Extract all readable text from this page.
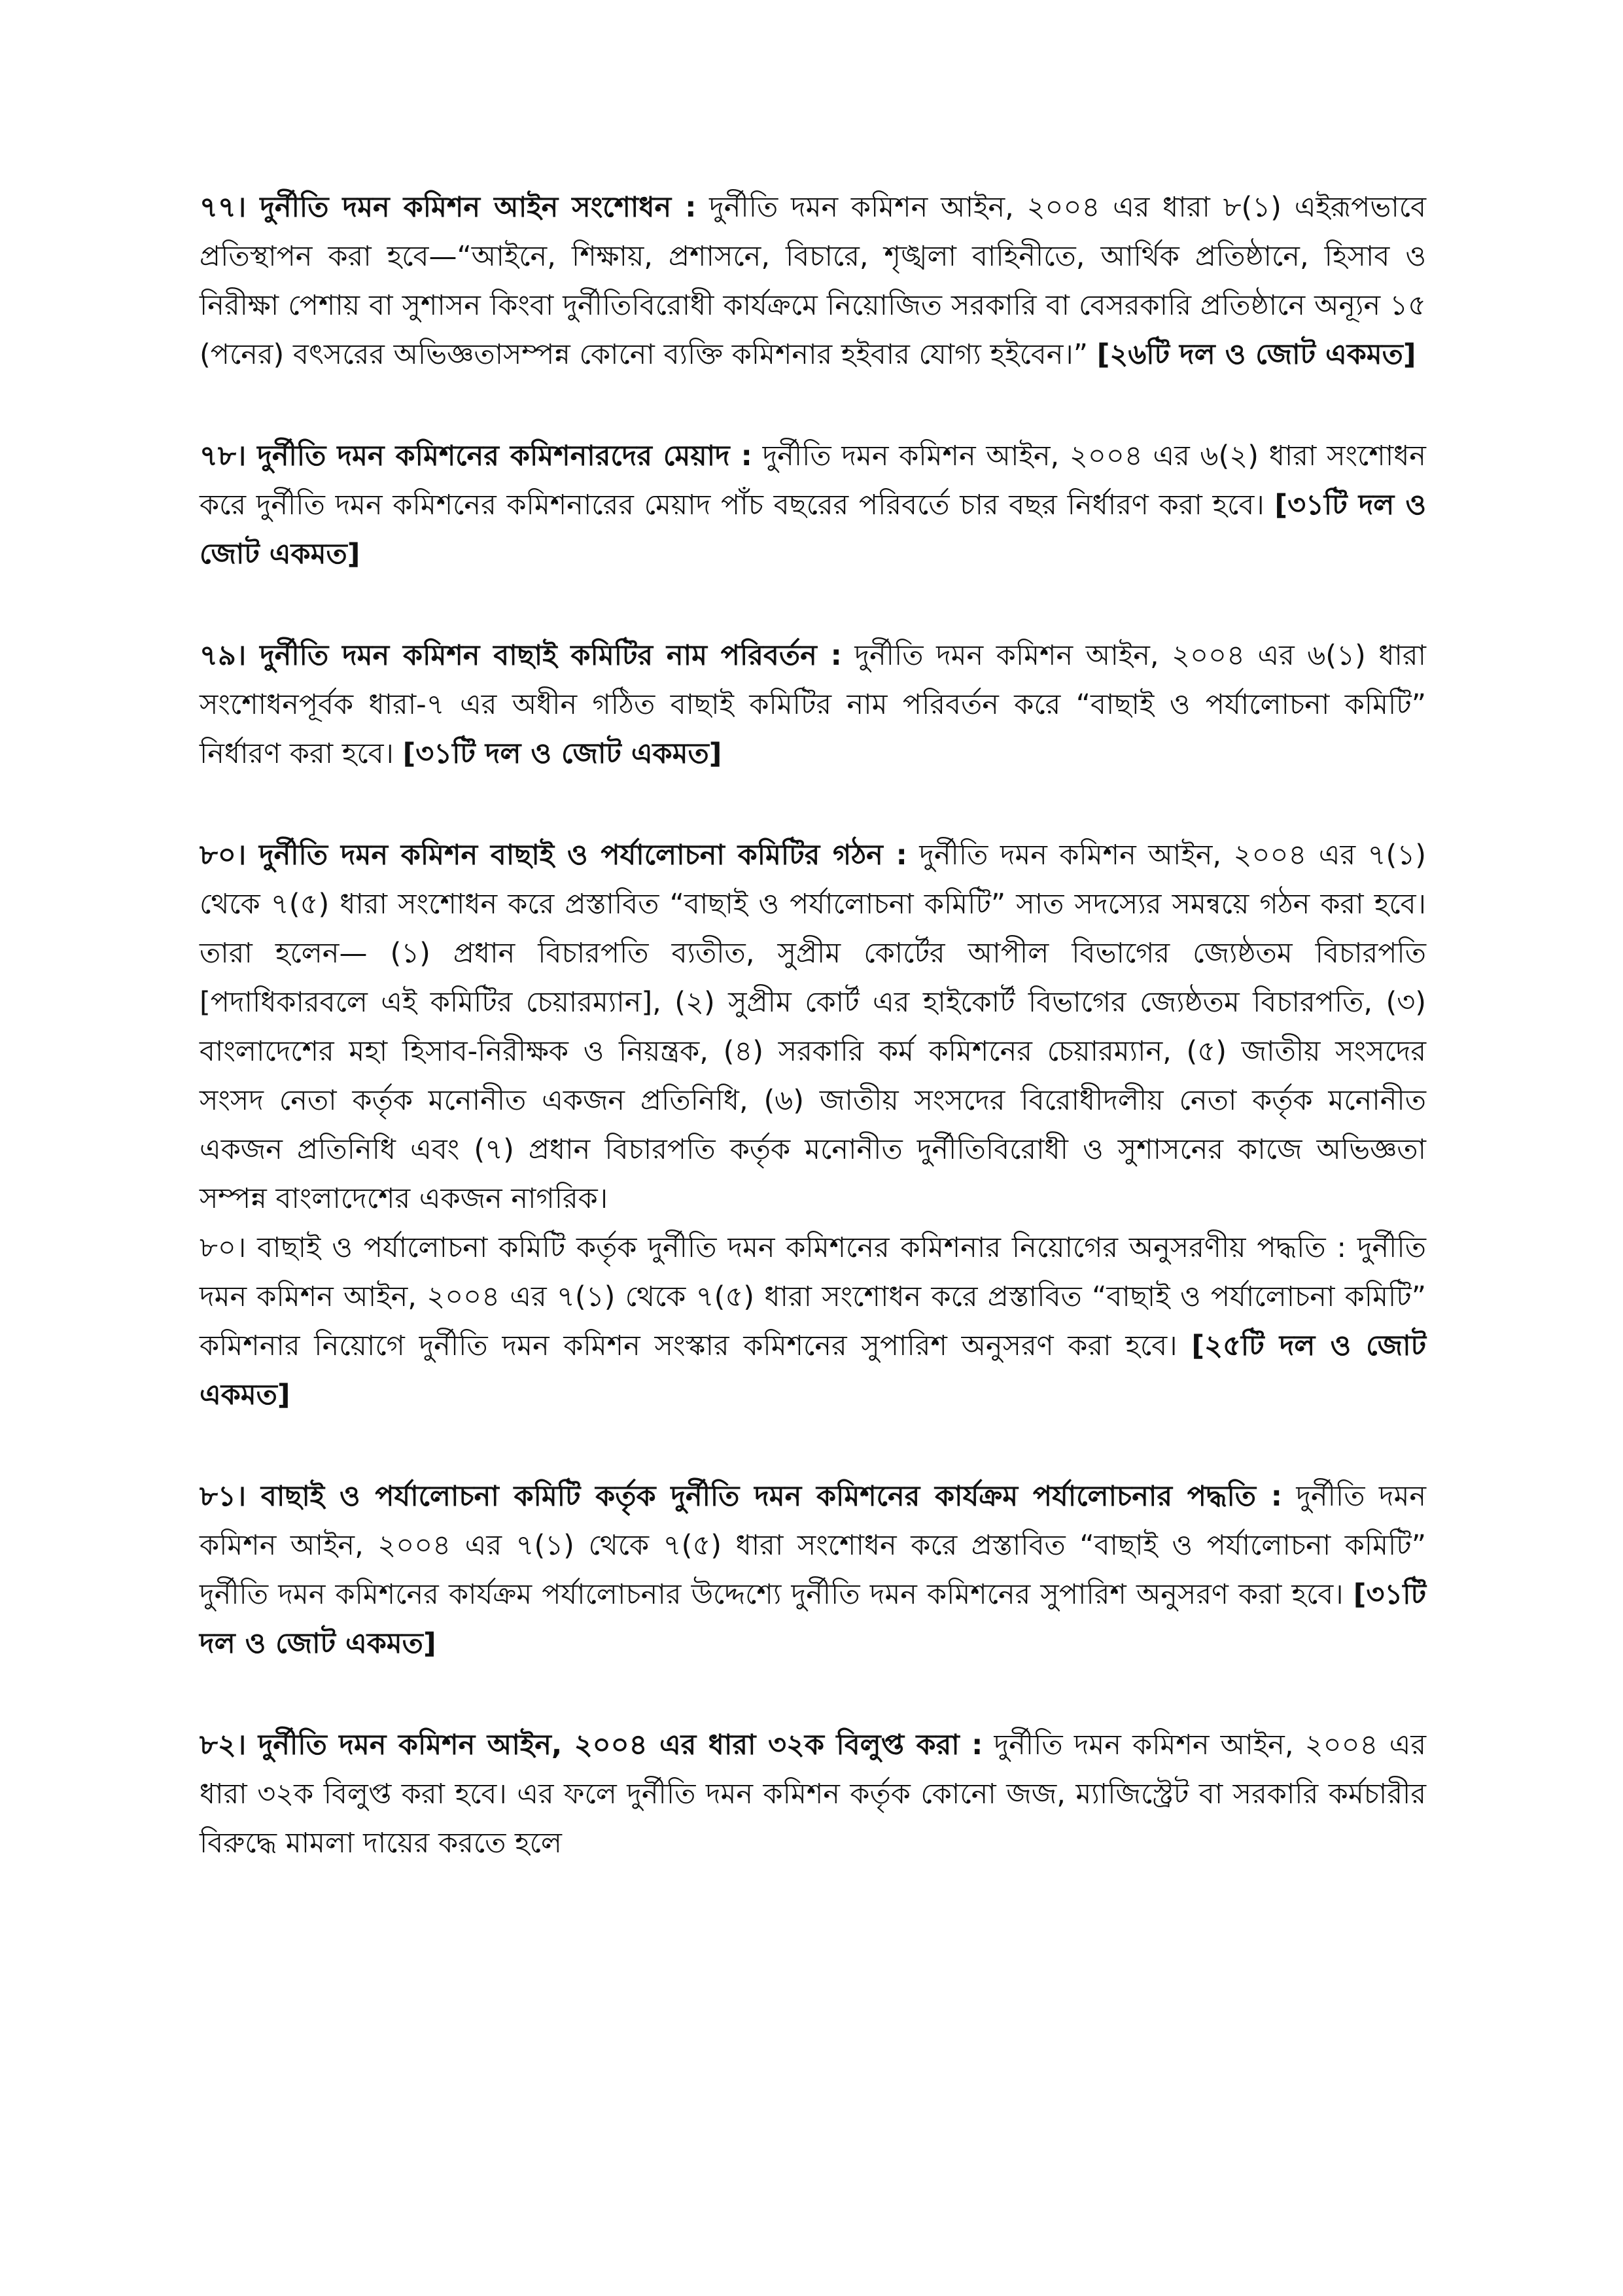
৭৭। দুর্নীতি দমন কমিশন আইন সংশোধন : দুর্নীতি দমন কমিশন আইন, ২০০৪ এর ধারা ৮(১) এইরূপভাবে প্রতিস্থাপন করা হবে—“আইনে, শিক্ষায়, প্রশাসনে, বিচারে, শৃঙ্খলা বাহিনীতে, আর্থিক প্রতিষ্ঠানে, হিসাব ও নিরীক্ষা পেশায় বা সুশাসন কিংবা দুর্নীতিবিরোধী কার্যক্রমে নিয়োজিত সরকারি বা বেসরকারি প্রতিষ্ঠানে অন্যূন ১৫ (পনের) বৎসরের অভিজ্ঞতাসম্পন্ন কোনো ব্যক্তি কমিশনার হইবার যোগ্য হইবেন।” [২৬টি দল ও জোট একমত]

৭৮। দুর্নীতি দমন কমিশনের কমিশনারদের মেয়াদ : দুর্নীতি দমন কমিশন আইন, ২০০৪ এর ৬(২) ধারা সংশোধন করে দুর্নীতি দমন কমিশনের কমিশনারের মেয়াদ পাঁচ বছরের পরিবর্তে চার বছর নির্ধারণ করা হবে। [৩১টি দল ও জোট একমত]

৭৯। দুর্নীতি দমন কমিশন বাছাই কমিটির নাম পরিবর্তন : দুর্নীতি দমন কমিশন আইন, ২০০৪ এর ৬(১) ধারা সংশোধনপূর্বক ধারা-৭ এর অধীন গঠিত বাছাই কমিটির নাম পরিবর্তন করে “বাছাই ও পর্যালোচনা কমিটি” নির্ধারণ করা হবে। [৩১টি দল ও জোট একমত]

৮০। দুর্নীতি দমন কমিশন বাছাই ও পর্যালোচনা কমিটির গঠন : দুর্নীতি দমন কমিশন আইন, ২০০৪ এর ৭(১) থেকে ৭(৫) ধারা সংশোধন করে প্রস্তাবিত “বাছাই ও পর্যালোচনা কমিটি” সাত সদস্যের সমন্বয়ে গঠন করা হবে। তারা হলেন— (১) প্রধান বিচারপতি ব্যতীত, সুপ্রীম কোর্টের আপীল বিভাগের জ্যেষ্ঠতম বিচারপতি [পদাধিকারবলে এই কমিটির চেয়ারম্যান], (২) সুপ্রীম কোর্ট এর হাইকোর্ট বিভাগের জ্যেষ্ঠতম বিচারপতি, (৩) বাংলাদেশের মহা হিসাব-নিরীক্ষক ও নিয়ন্ত্রক, (৪) সরকারি কর্ম কমিশনের চেয়ারম্যান, (৫) জাতীয় সংসদের সংসদ নেতা কর্তৃক মনোনীত একজন প্রতিনিধি, (৬) জাতীয় সংসদের বিরোধীদলীয় নেতা কর্তৃক মনোনীত একজন প্রতিনিধি এবং (৭) প্রধান বিচারপতি কর্তৃক মনোনীত দুর্নীতিবিরোধী ও সুশাসনের কাজে অভিজ্ঞতা সম্পন্ন বাংলাদেশের একজন নাগরিক।

৮০। বাছাই ও পর্যালোচনা কমিটি কর্তৃক দুর্নীতি দমন কমিশনের কমিশনার নিয়োগের অনুসরণীয় পদ্ধতি : দুর্নীতি দমন কমিশন আইন, ২০০৪ এর ৭(১) থেকে ৭(৫) ধারা সংশোধন করে প্রস্তাবিত “বাছাই ও পর্যালোচনা কমিটি” কমিশনার নিয়োগে দুর্নীতি দমন কমিশন সংস্কার কমিশনের সুপারিশ অনুসরণ করা হবে। [২৫টি দল ও জোট একমত]

৮১। বাছাই ও পর্যালোচনা কমিটি কর্তৃক দুর্নীতি দমন কমিশনের কার্যক্রম পর্যালোচনার পদ্ধতি : দুর্নীতি দমন কমিশন আইন, ২০০৪ এর ৭(১) থেকে ৭(৫) ধারা সংশোধন করে প্রস্তাবিত “বাছাই ও পর্যালোচনা কমিটি” দুর্নীতি দমন কমিশনের কার্যক্রম পর্যালোচনার উদ্দেশ্যে দুর্নীতি দমন কমিশনের সুপারিশ অনুসরণ করা হবে। [৩১টি দল ও জোট একমত]

৮২। দুর্নীতি দমন কমিশন আইন, ২০০৪ এর ধারা ৩২ক বিলুপ্ত করা : দুর্নীতি দমন কমিশন আইন, ২০০৪ এর ধারা ৩২ক বিলুপ্ত করা হবে। এর ফলে দুর্নীতি দমন কমিশন কর্তৃক কোনো জজ, ম্যাজিস্ট্রেট বা সরকারি কর্মচারীর বিরুদ্ধে মামলা দায়ের করতে হলে
